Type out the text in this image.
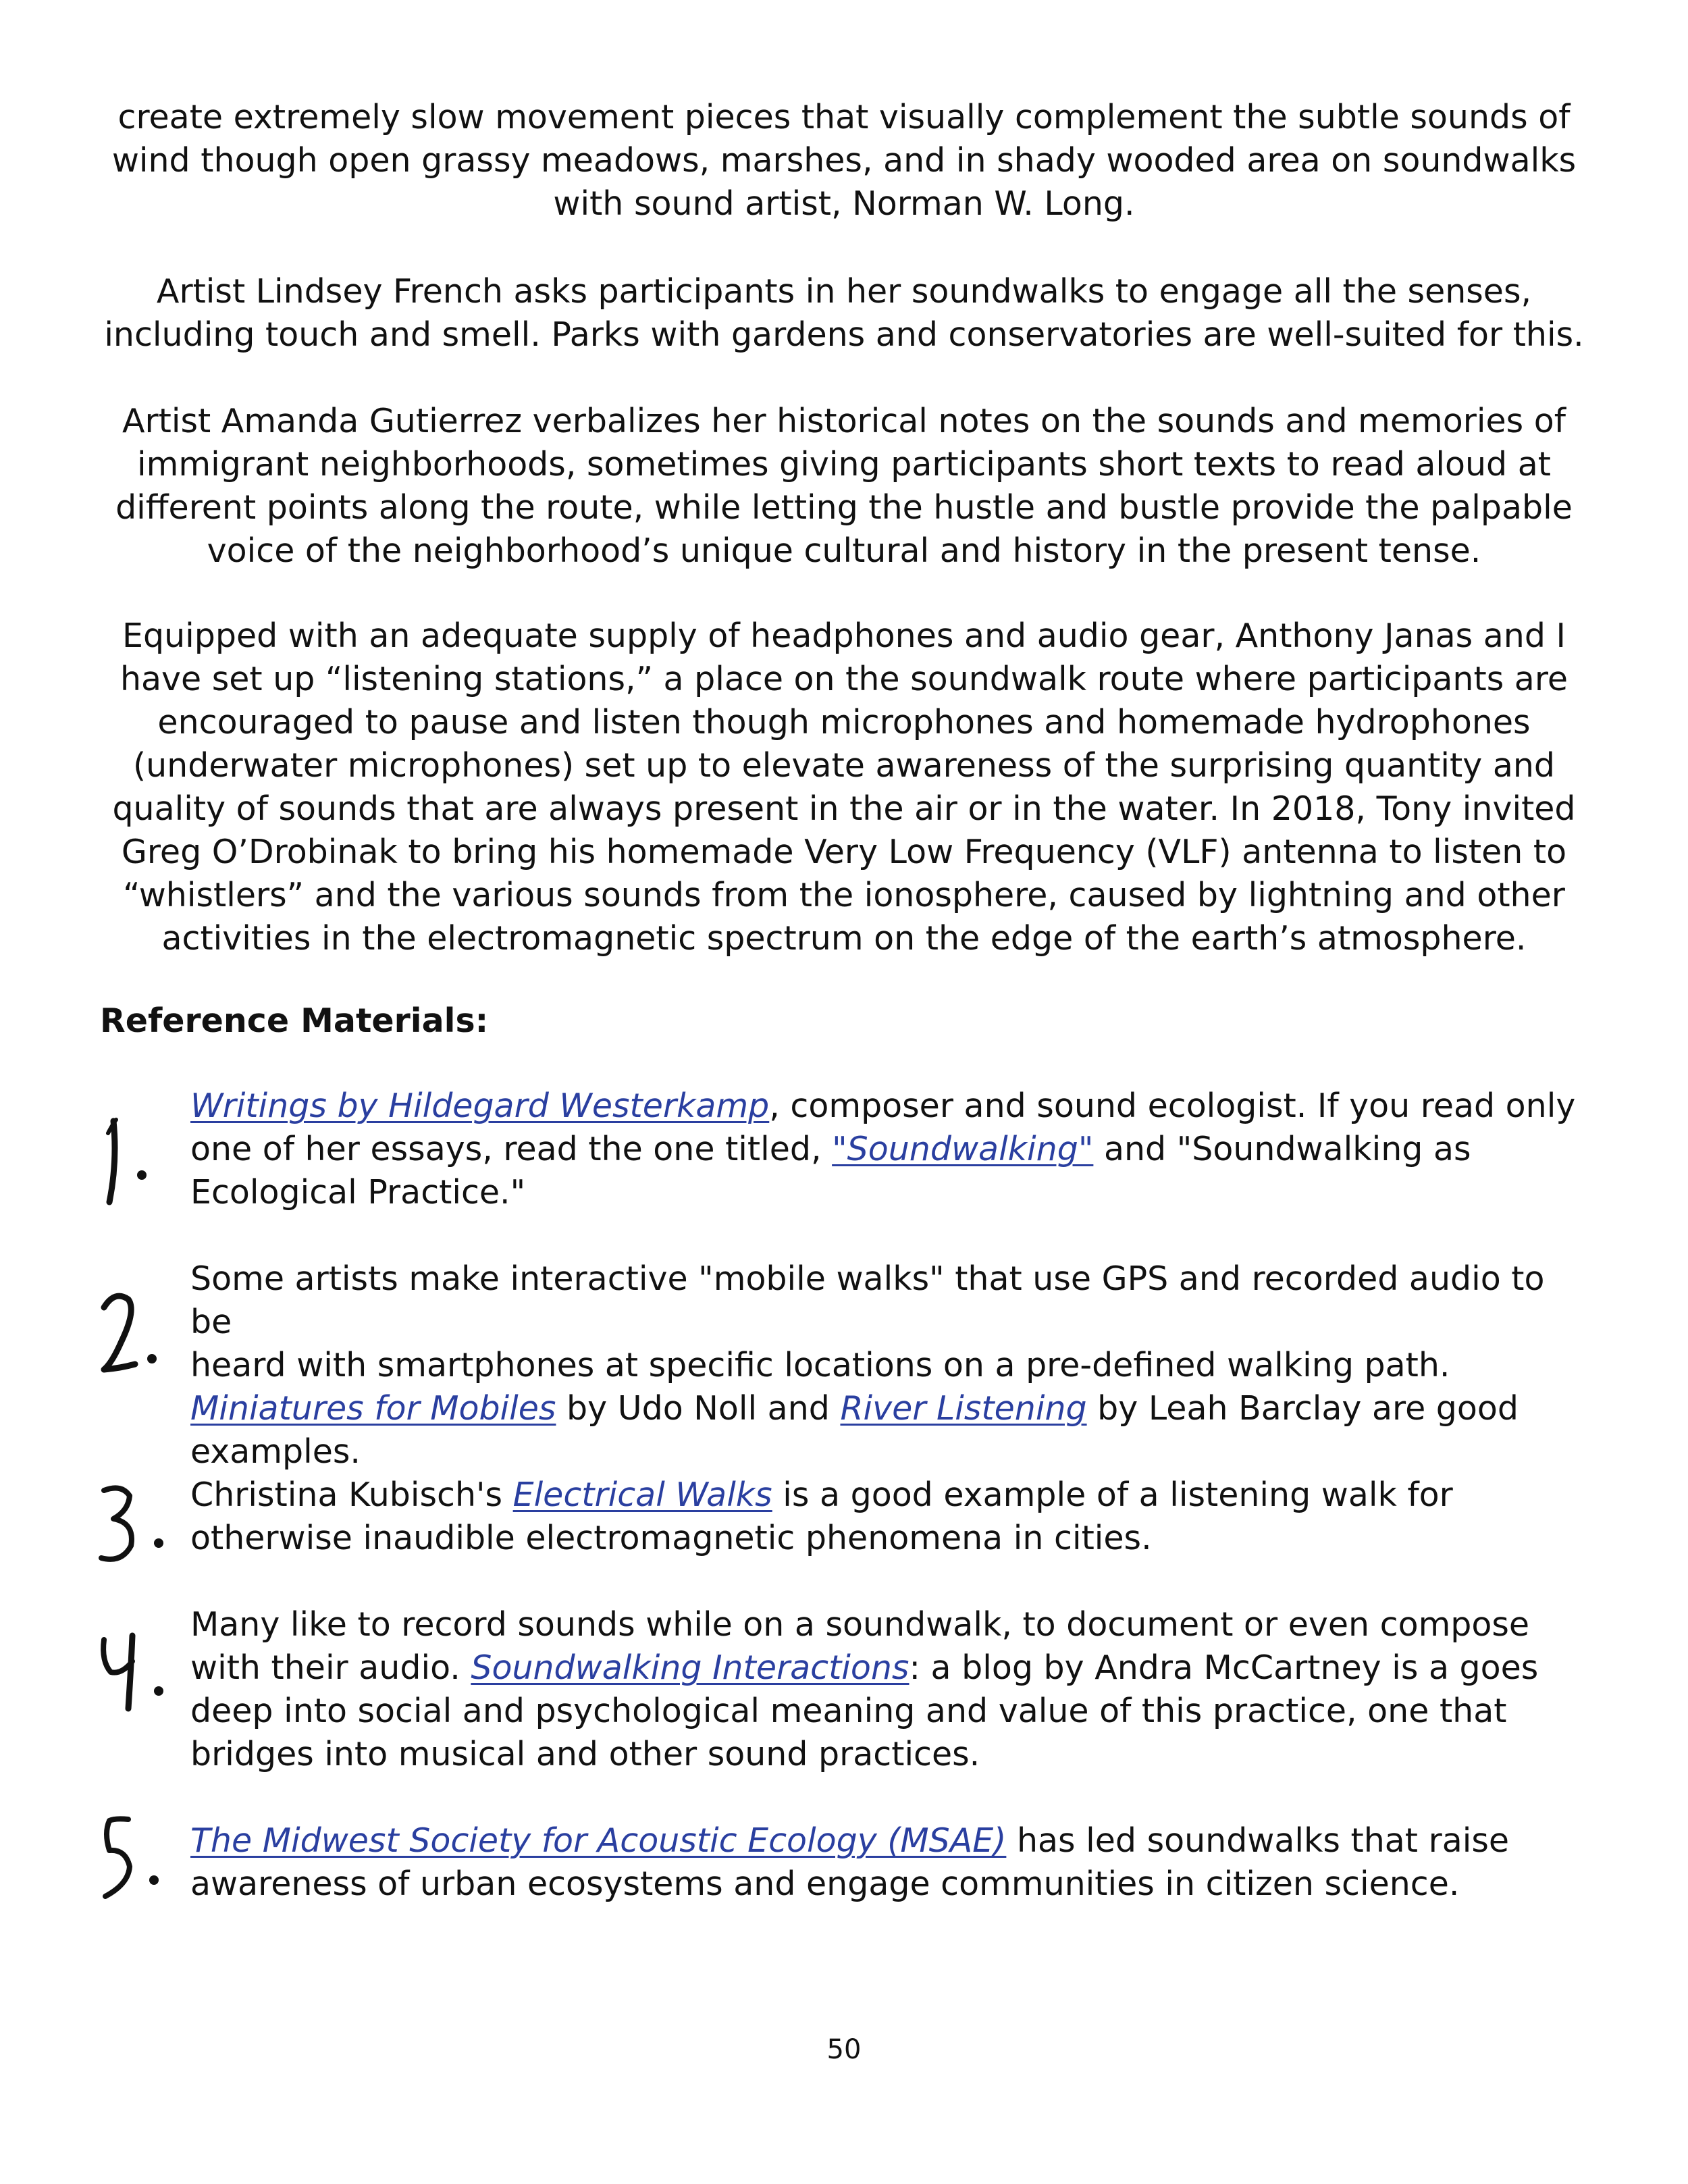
create extremely slow movement pieces that visually complement the subtle sounds of
wind though open grassy meadows, marshes, and in shady wooded area on soundwalks
with sound artist, Norman W. Long.
Artist Lindsey French asks participants in her soundwalks to engage all the senses,
including touch and smell. Parks with gardens and conservatories are well-suited for this.
Artist Amanda Gutierrez verbalizes her historical notes on the sounds and memories of
immigrant neighborhoods, sometimes giving participants short texts to read aloud at
different points along the route, while letting the hustle and bustle provide the palpable
voice of the neighborhood’s unique cultural and history in the present tense.
Equipped with an adequate supply of headphones and audio gear, Anthony Janas and I
have set up “listening stations,” a place on the soundwalk route where participants are
encouraged to pause and listen though microphones and homemade hydrophones
(underwater microphones) set up to elevate awareness of the surprising quantity and
quality of sounds that are always present in the air or in the water. In 2018, Tony invited
Greg O’Drobinak to bring his homemade Very Low Frequency (VLF) antenna to listen to
“whistlers” and the various sounds from the ionosphere, caused by lightning and other
activities in the electromagnetic spectrum on the edge of the earth’s atmosphere.
Reference Materials:
Writings by Hildegard Westerkamp, composer and sound ecologist. If you read only
one of her essays, read the one titled, "Soundwalking" and "Soundwalking as
Ecological Practice."
Some artists make interactive "mobile walks" that use GPS and recorded audio to be
heard with smartphones at specific locations on a pre-defined walking path.
Miniatures for Mobiles by Udo Noll and River Listening by Leah Barclay are good
examples.
Christina Kubisch's Electrical Walks is a good example of a listening walk for
otherwise inaudible electromagnetic phenomena in cities.
Many like to record sounds while on a soundwalk, to document or even compose
with their audio. Soundwalking Interactions: a blog by Andra McCartney is a goes
deep into social and psychological meaning and value of this practice, one that
bridges into musical and other sound practices.
The Midwest Society for Acoustic Ecology (MSAE) has led soundwalks that raise
awareness of urban ecosystems and engage communities in citizen science.
50
